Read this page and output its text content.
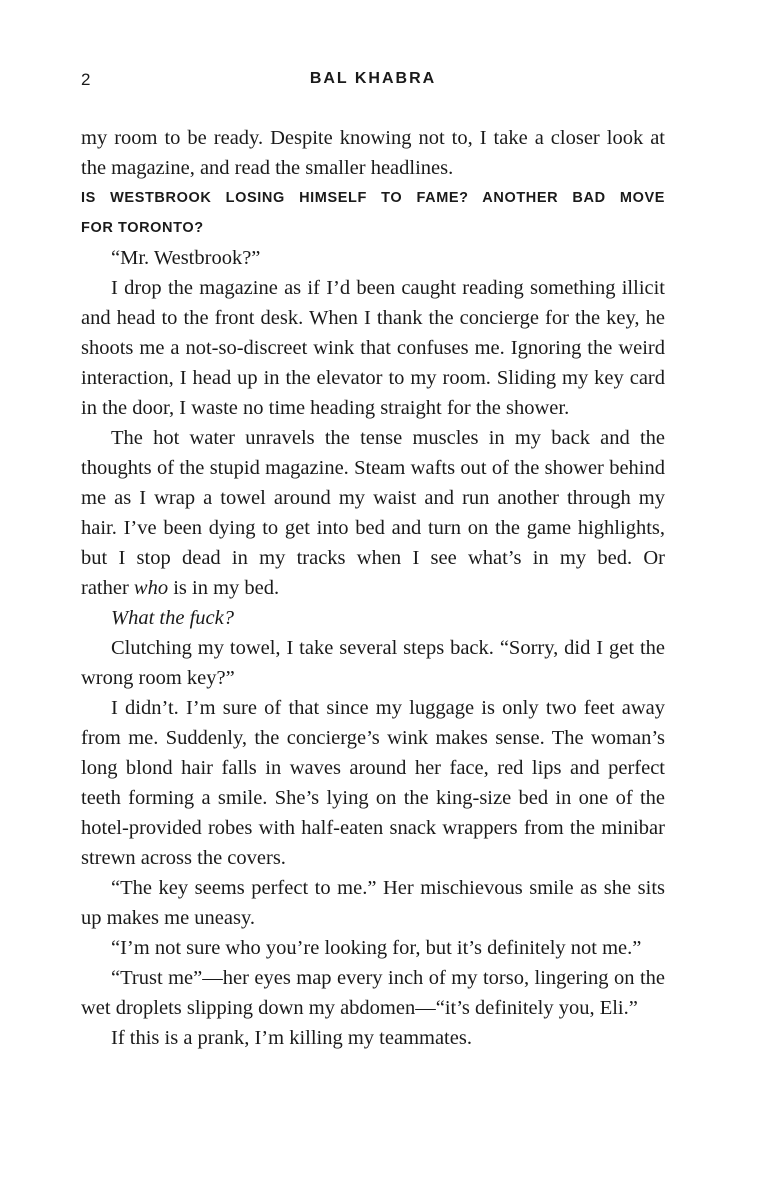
2	BAL KHABRA

my room to be ready. Despite knowing not to, I take a closer look at the magazine, and read the smaller headlines.

IS WESTBROOK LOSING HIMSELF TO FAME? ANOTHER BAD MOVE
FOR TORONTO?

“Mr. Westbrook?”

I drop the magazine as if I’d been caught reading something illicit and head to the front desk. When I thank the concierge for the key, he shoots me a not-so-discreet wink that confuses me. Ignoring the weird interaction, I head up in the elevator to my room. Sliding my key card in the door, I waste no time heading straight for the shower.

The hot water unravels the tense muscles in my back and the thoughts of the stupid magazine. Steam wafts out of the shower behind me as I wrap a towel around my waist and run another through my hair. I’ve been dying to get into bed and turn on the game highlights, but I stop dead in my tracks when I see what’s in my bed. Or

rather who is in my bed.

What the fuck?

Clutching my towel, I take several steps back. “Sorry, did I get the wrong room key?”

I didn’t. I’m sure of that since my luggage is only two feet away from me. Suddenly, the concierge’s wink makes sense. The woman’s long blond hair falls in waves around her face, red lips and perfect teeth forming a smile. She’s lying on the king-size bed in one of the hotel-provided robes with half-eaten snack wrappers from the minibar strewn across the covers.

“The key seems perfect to me.” Her mischievous smile as she sits up makes me uneasy.

“I’m not sure who you’re looking for, but it’s definitely not me.”

“Trust me”—her eyes map every inch of my torso, lingering on the wet droplets slipping down my abdomen—“it’s definitely you, Eli.”

If this is a prank, I’m killing my teammates.
